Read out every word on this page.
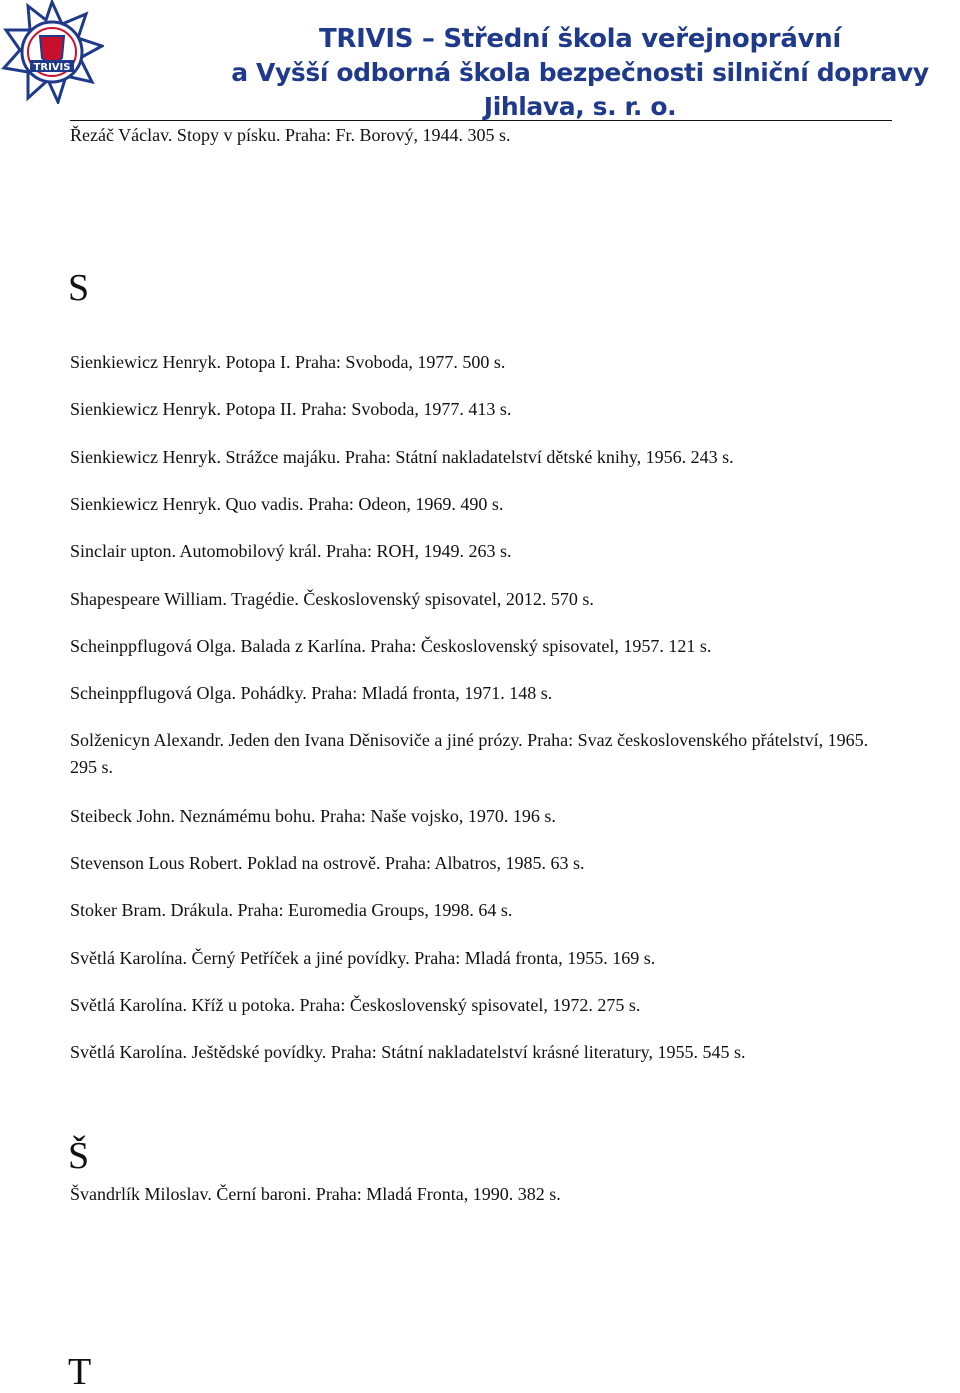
TRIVIS
TRIVIS – Střední škola veřejnoprávní
a Vyšší odborná škola bezpečnosti silniční dopravy Jihlava, s. r. o.
Řezáč Václav. Stopy v písku. Praha: Fr. Borový, 1944. 305 s.
S
Sienkiewicz Henryk. Potopa I. Praha: Svoboda, 1977. 500 s.
Sienkiewicz Henryk. Potopa II. Praha: Svoboda, 1977. 413 s.
Sienkiewicz Henryk. Strážce majáku. Praha: Státní nakladatelství dětské knihy, 1956. 243 s.
Sienkiewicz Henryk. Quo vadis. Praha: Odeon, 1969. 490 s.
Sinclair upton. Automobilový král. Praha: ROH, 1949. 263 s.
Shapespeare William. Tragédie. Československý spisovatel, 2012. 570 s.
Scheinppflugová Olga. Balada z Karlína. Praha: Československý spisovatel, 1957. 121 s.
Scheinppflugová Olga. Pohádky. Praha: Mladá fronta, 1971. 148 s.
Solženicyn Alexandr. Jeden den Ivana Děnisoviče a jiné prózy. Praha: Svaz československého přátelství, 1965. 295 s.
Steibeck John. Neznámému bohu. Praha: Naše vojsko, 1970. 196 s.
Stevenson Lous Robert. Poklad na ostrově. Praha: Albatros, 1985. 63 s.
Stoker Bram. Drákula. Praha: Euromedia Groups, 1998. 64 s.
Světlá Karolína. Černý Petříček a jiné povídky. Praha: Mladá fronta, 1955. 169 s.
Světlá Karolína. Kříž u potoka. Praha: Československý spisovatel, 1972. 275 s.
Světlá Karolína. Ještědské povídky. Praha: Státní nakladatelství krásné literatury, 1955. 545 s.
Š
Švandrlík Miloslav. Černí baroni. Praha: Mladá Fronta, 1990. 382 s.
T
